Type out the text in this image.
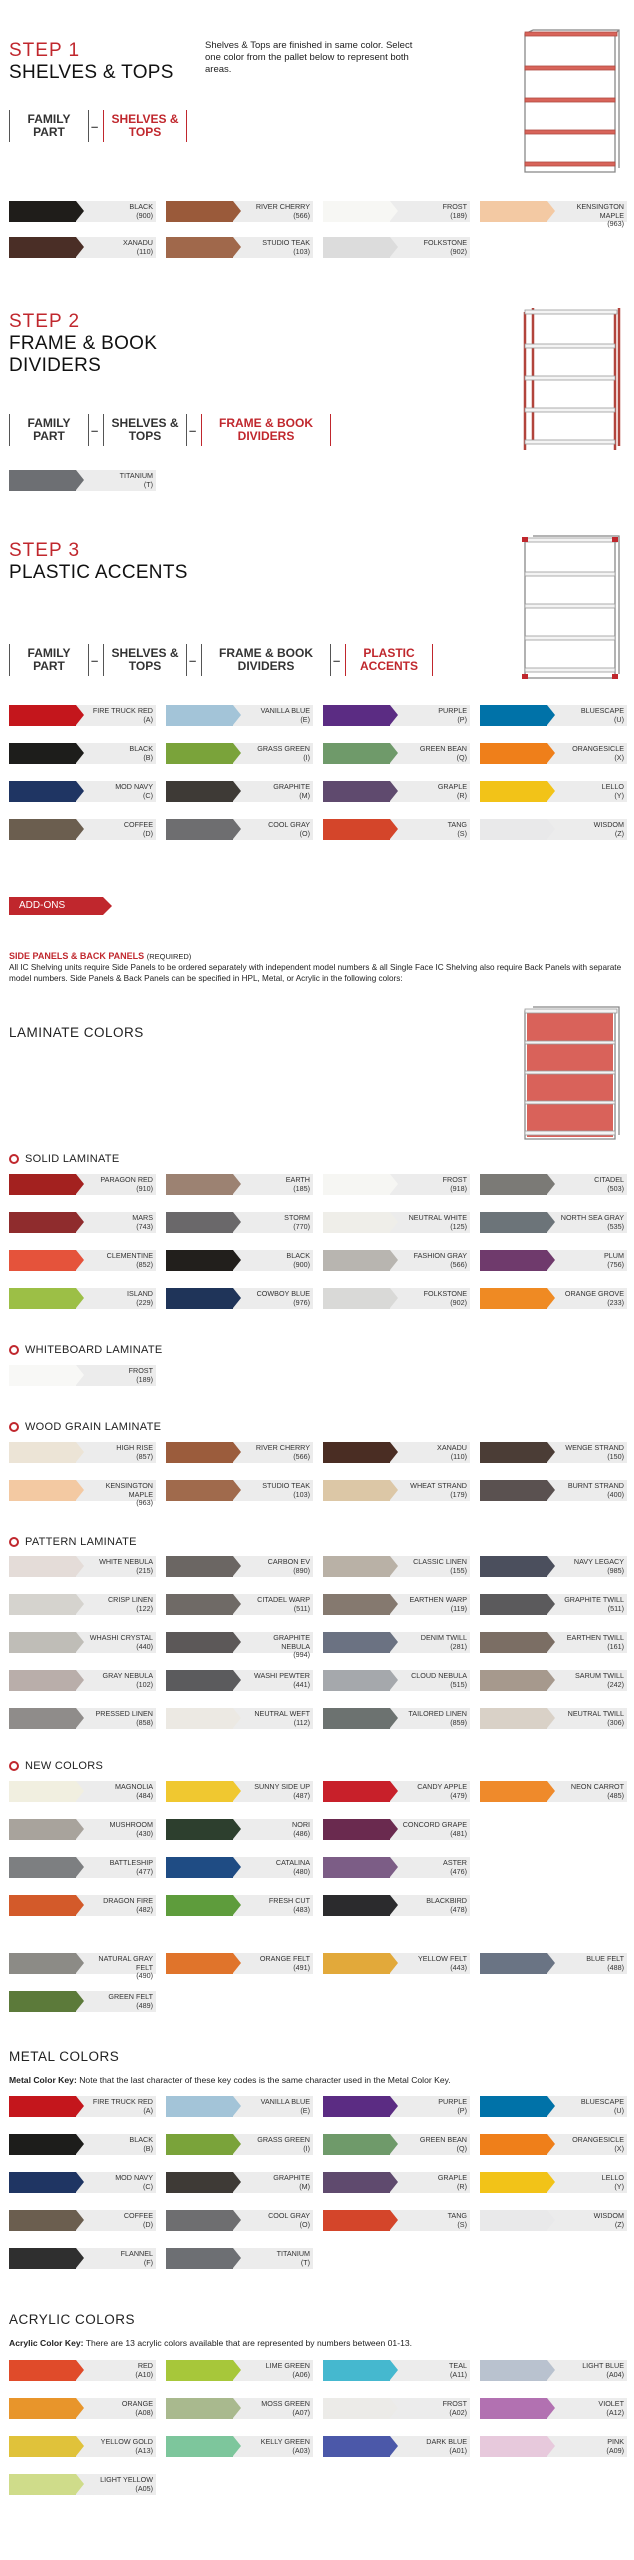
STEP 1
SHELVES & TOPS
Shelves & Tops are finished in same color. Select one color from the pallet below to represent both areas.
FAMILY PART	–	SHELVES & TOPS
BLACK
(900)
RIVER CHERRY
(566)
FROST
(189)
KENSINGTON MAPLE
(963)
XANADU
(110)
STUDIO TEAK
(103)
FOLKSTONE
(902)
STEP 2
FRAME & BOOK
DIVIDERS
FAMILY PART	–	SHELVES & TOPS	–	FRAME & BOOK DIVIDERS
TITANIUM
(T)
STEP 3
PLASTIC ACCENTS
FAMILY PART	–	SHELVES & TOPS	–	FRAME & BOOK DIVIDERS	–	PLASTIC ACCENTS
FIRE TRUCK RED
(A)
VANILLA BLUE
(E)
PURPLE
(P)
BLUESCAPE
(U)
BLACK
(B)
GRASS GREEN
(I)
GREEN BEAN
(Q)
ORANGESICLE
(X)
MOD NAVY
(C)
GRAPHITE
(M)
GRAPLE
(R)
LELLO
(Y)
COFFEE
(D)
COOL GRAY
(O)
TANG
(S)
WISDOM
(Z)
ADD-ONS
SIDE PANELS & BACK PANELS (REQUIRED)
All IC Shelving units require Side Panels to be ordered separately with independent model numbers & all Single Face IC Shelving also require Back Panels with separate model numbers. Side Panels & Back Panels can be specified in HPL, Metal, or Acrylic in the following colors:
LAMINATE COLORS
SOLID LAMINATE
PARAGON RED
(910)
EARTH
(185)
FROST
(918)
CITADEL
(503)
MARS
(743)
STORM
(770)
NEUTRAL WHITE
(125)
NORTH SEA GRAY
(535)
CLEMENTINE
(852)
BLACK
(900)
FASHION GRAY
(566)
PLUM
(756)
ISLAND
(229)
COWBOY BLUE
(976)
FOLKSTONE
(902)
ORANGE GROVE
(233)
WHITEBOARD LAMINATE
FROST
(189)
WOOD GRAIN LAMINATE
HIGH RISE
(857)
RIVER CHERRY
(566)
XANADU
(110)
WENGE STRAND
(150)
KENSINGTON MAPLE
(963)
STUDIO TEAK
(103)
WHEAT STRAND
(179)
BURNT STRAND
(400)
PATTERN LAMINATE
WHITE NEBULA
(215)
CARBON EV
(890)
CLASSIC LINEN
(155)
NAVY LEGACY
(985)
CRISP LINEN
(122)
CITADEL WARP
(511)
EARTHEN WARP
(119)
GRAPHITE TWILL
(511)
WHASHI CRYSTAL
(440)
GRAPHITE NEBULA
(994)
DENIM TWILL
(281)
EARTHEN TWILL
(161)
GRAY NEBULA
(102)
WASHI PEWTER
(441)
CLOUD NEBULA
(515)
SARUM TWILL
(242)
PRESSED LINEN
(858)
NEUTRAL WEFT
(112)
TAILORED LINEN
(859)
NEUTRAL TWILL
(306)
NEW COLORS
MAGNOLIA
(484)
SUNNY SIDE UP
(487)
CANDY APPLE
(479)
NEON CARROT
(485)
MUSHROOM
(430)
NORI
(486)
CONCORD GRAPE
(481)
BATTLESHIP
(477)
CATALINA
(480)
ASTER
(476)
DRAGON FIRE
(482)
FRESH CUT
(483)
BLACKBIRD
(478)
NATURAL GRAY FELT
(490)
ORANGE FELT
(491)
YELLOW FELT
(443)
BLUE FELT
(488)
GREEN FELT
(489)
METAL COLORS
Metal Color Key: Note that the last character of these key codes is the same character used in the Metal Color Key.
FIRE TRUCK RED
(A)
VANILLA BLUE
(E)
PURPLE
(P)
BLUESCAPE
(U)
BLACK
(B)
GRASS GREEN
(I)
GREEN BEAN
(Q)
ORANGESICLE
(X)
MOD NAVY
(C)
GRAPHITE
(M)
GRAPLE
(R)
LELLO
(Y)
COFFEE
(D)
COOL GRAY
(O)
TANG
(S)
WISDOM
(Z)
FLANNEL
(F)
TITANIUM
(T)
ACRYLIC COLORS
Acrylic Color Key: There are 13 acrylic colors available that are represented by numbers between 01-13.
RED
(A10)
LIME GREEN
(A06)
TEAL
(A11)
LIGHT BLUE
(A04)
ORANGE
(A08)
MOSS GREEN
(A07)
FROST
(A02)
VIOLET
(A12)
YELLOW GOLD
(A13)
KELLY GREEN
(A03)
DARK BLUE
(A01)
PINK
(A09)
LIGHT YELLOW
(A05)
